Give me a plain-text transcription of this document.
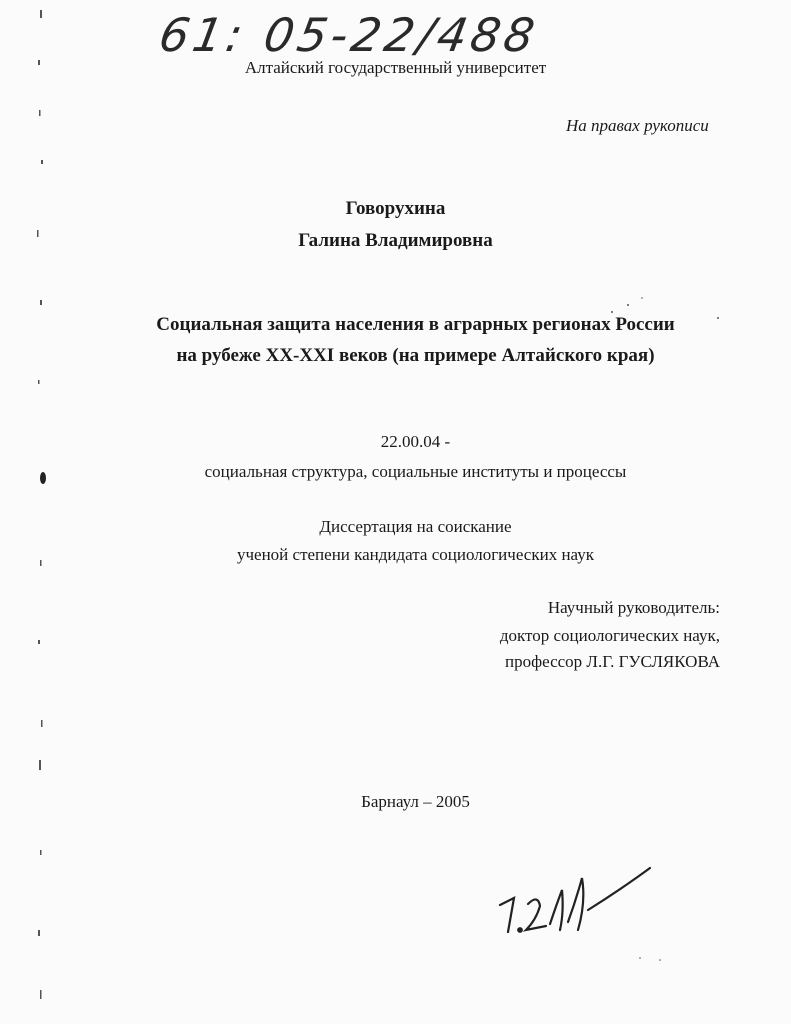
61: 05-22/488
Алтайский государственный университет
На правах рукописи
Говорухина
Галина Владимировна
Социальная защита населения в аграрных регионах России
на рубеже XX-XXI веков (на примере Алтайского края)
22.00.04 -
социальная структура, социальные институты и процессы
Диссертация на соискание
ученой степени кандидата социологических наук
Научный руководитель:
доктор социологических наук,
профессор Л.Г. ГУСЛЯКОВА
Барнаул – 2005
